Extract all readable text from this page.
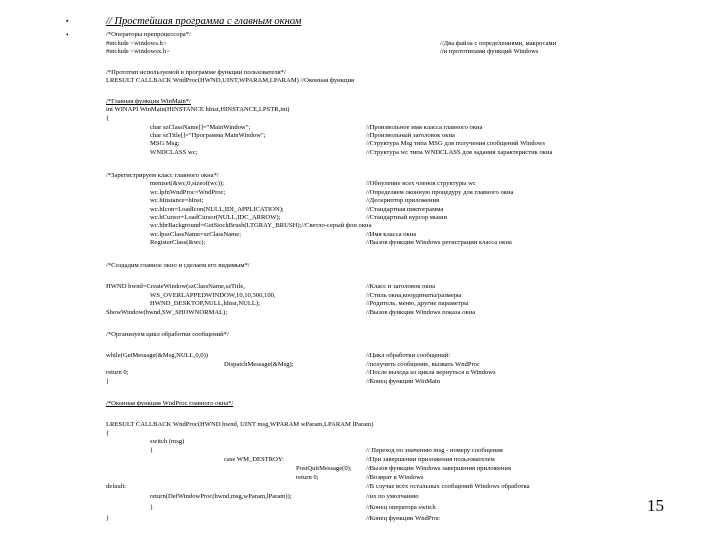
▪
•
// Простейшая программа с главным окном
/*Операторы препроцессора*/
#include <windows.h>	//Два файла с определениями, макросами
#include <windowsx.h>	//и прототипами функций Windows
/*Прототип используемой в программе функции пользователя*/
LRESULT CALLBACK WndProc(HWND,UINT,WPARAM,LPARAM) //Оконная функция
/*Главная функция WinMain*/
int WINAPI WinMain(HINSTANCE hInst,HINSTANCE,LPSTR,int)
{
char szClassName[]="MainWindow";	//Произвольное имя класса главного окна
char szTitle[]="Программа MainWindow";	//Произвольный заголовок окна
MSG Msg;	//Структура Msg типа MSG для получения сообщений Windows
WNDCLASS wc;	//Структура wc типа WNDCLASS для задания характеристик окна
/*Зарегистрируем класс главного окна*/
memset(&wc,0,sizeof(wc));	//Обнуление всех членов структуры wc
wc.lpfnWndProc=WndProc;	//Определяем оконную процедуру для главного окна
wc.hInstance=hInst;	//Дескриптор приложения
wc.hIcon=LoadIcon(NULL,IDI_APPLICATION);	//Стандартная пиктограмма
wc.hCursor=LoadCursor(NULL,IDC_ARROW);	//Стандартный курсор мыши
wc.hbrBackground=GetStockBrush(LTGRAY_BRUSH);//Светло-серый фон окна
wc.lpszClassName=szClassName;	//Имя класса окна
RegisterClass(&wc);	//Вызов функции Windows регистрации класса окна
/*Создадим главное окно и сделаем его видимым*/
HWND hwnd=CreateWindow(szClassName,szTitle,	//Класс и заголовок окна
WS_OVERLAPPEDWINDOW,10,10,300,100,	//Стиль окна,координаты/размеры
HWND_DESKTOP,NULL,hInst,NULL);	//Родитель, меню, другие параметры
ShowWindow(hwnd,SW_SHOWNORMAL);	//Вызов функции Windows показа окна
/*Организуем цикл обработки сообщений*/
while(GetMessage(&Msg,NULL,0,0))	//Цикл обработки сообщений:
DispatchMessage(&Msg);	//получить сообщение, вызвать WndProc
return 0;	//После выхода из цикла вернуться в Windows
}	//Конец функции WinMain
/*Оконная функция WndProc главного окна*/
LRESULT CALLBACK WndProc(HWND hwnd, UINT msg,WPARAM wParam,LPARAM lParam)
{
switch (msg)
{	// Переход по значению msg - номеру сообщения
case WM_DESTROY:	//При завершении приложения пользователем
PostQuitMessage(0); //Вызов функции Windows завершения приложения
return 0;	//Возврат в Windows
default:	//В случае всех остальных сообщений Windows обработка
return(DefWindowProc(hwnd,msg,wParam,lParam));	//их по умолчанию
}	//Конец оператора switch
}	//Конец функции WndProc
15
